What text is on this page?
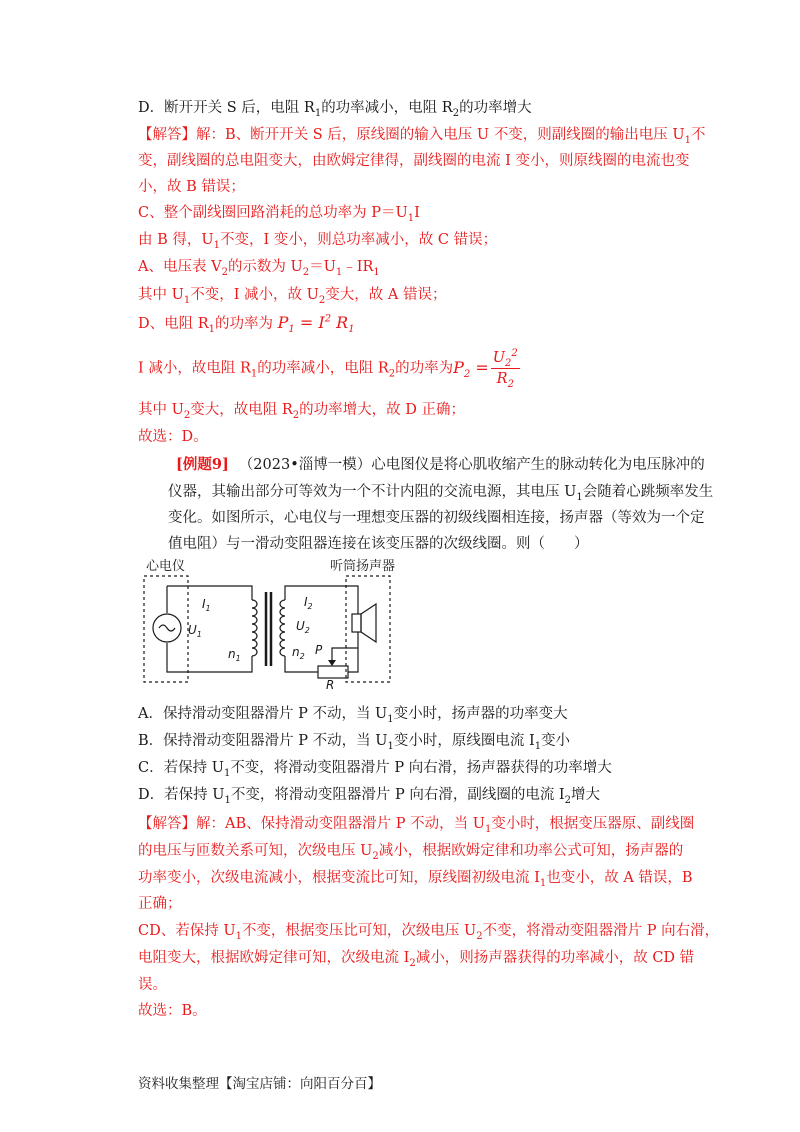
D．断开开关 S 后，电阻 $R_1$的功率减小，电阻 $R_2$的功率增大
【解答】解：B、断开开关 S 后，原线圈的输入电压 U 不变，则副线圈的输出电压 $U_1$不
变，副线圈的总电阻变大，由欧姆定律得，副线圈的电流 I 变小，则原线圈的电流也变
小，故 B 错误；
C、整个副线圈回路消耗的总功率为 $P=U_1I$
由 B 得，$U_1$不变，I 变小，则总功率减小，故 C 错误；
A、电压表 $V_2$的示数为 $U_2=U_1﹣IR_1$
其中 $U_1$不变，I 减小，故 $U_2$变大，故 A 错误；
D、电阻 $R_1$的功率为 $P_1 = I^2$ $R_1$
I 减小，故电阻 $R_1$的功率减小，电阻 $R_2$的功率为$P_2 = \frac{U_2^2}{R_2}$
其中 $U_2$变大，故电阻 $R_2$的功率增大，故 D 正确；
故选：D。
[例题9] （2023•淄博一模）心电图仪是将心肌收缩产生的脉动转化为电压脉冲的
仪器，其输出部分可等效为一个不计内阻的交流电源，其电压 $U_1$会随着心跳频率发生
变化。如图所示，心电仪与一理想变压器的初级线圈相连接，扬声器（等效为一个定
值电阻）与一滑动变阻器连接在该变压器的次级线圈。则（　　）
心电仪	听筒扬声器
$I_1$
$U_1$
$n_1$
$I_2$
$U_2$
$n_2$ P
R
A．保持滑动变阻器滑片 P 不动，当 $U_1$变小时，扬声器的功率变大
B．保持滑动变阻器滑片 P 不动，当 $U_1$变小时，原线圈电流 $I_1$变小
C．若保持 $U_1$不变，将滑动变阻器滑片 P 向右滑，扬声器获得的功率增大
D．若保持 $U_1$不变，将滑动变阻器滑片 P 向右滑，副线圈的电流 $I_2$增大
【解答】解：AB、保持滑动变阻器滑片 P 不动，当 $U_1$变小时，根据变压器原、副线圈
的电压与匝数关系可知，次级电压 $U_2$减小，根据欧姆定律和功率公式可知，扬声器的
功率变小，次级电流减小，根据变流比可知，原线圈初级电流 $I_1$也变小，故 A 错误，B
正确；
CD、若保持 $U_1$不变，根据变压比可知，次级电压 $U_2$不变，将滑动变阻器滑片 P 向右滑，
电阻变大，根据欧姆定律可知，次级电流 $I_2$减小，则扬声器获得的功率减小，故 CD 错
误。
故选：B。
资料收集整理【淘宝店铺：向阳百分百】
